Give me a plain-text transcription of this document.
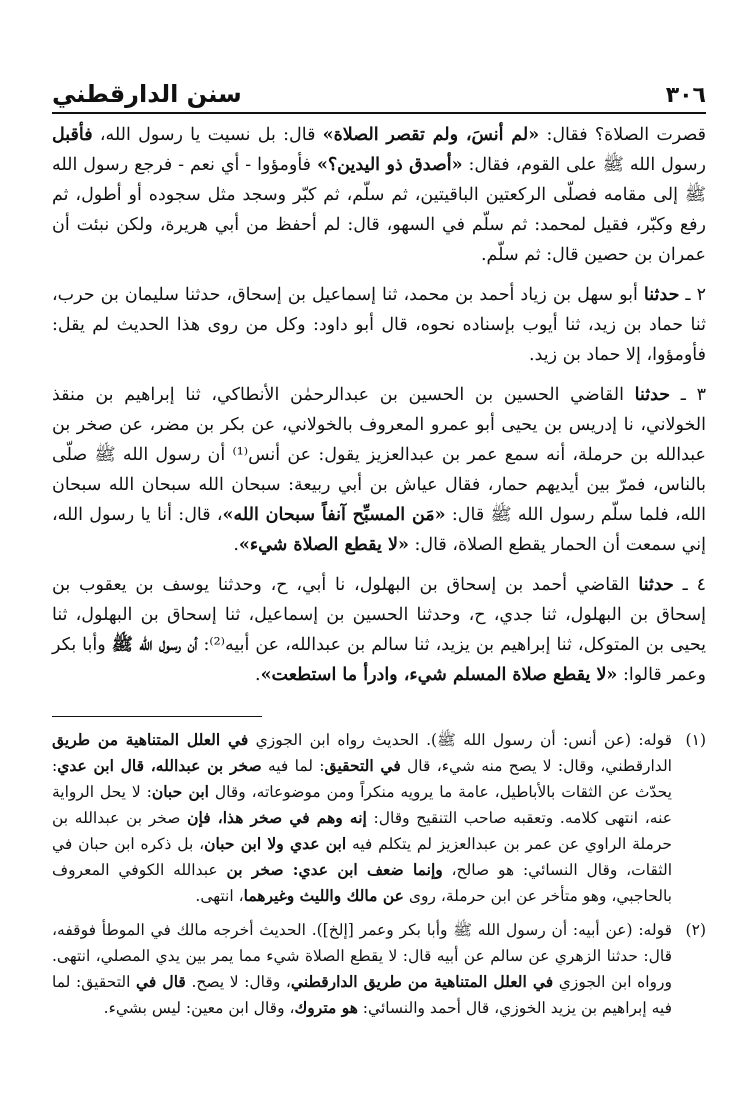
٣٠٦
سنن الدارقطني

قصرت الصلاة؟ فقال: «لم أنسَ، ولم تقصر الصلاة» قال: بل نسيت يا رسول الله، فأقبل رسول الله ﷺ على القوم، فقال: «أصدق ذو اليدين؟» فأومؤوا - أي نعم - فرجع رسول الله ﷺ إلى مقامه فصلّى الركعتين الباقيتين، ثم سلّم، ثم كبّر وسجد مثل سجوده أو أطول، ثم رفع وكبّر، فقيل لمحمد: ثم سلّم في السهو، قال: لم أحفظ من أبي هريرة، ولكن نبئت أن عمران بن حصين قال: ثم سلّم.

٢ ـ حدثنا أبو سهل بن زياد أحمد بن محمد، ثنا إسماعيل بن إسحاق، حدثنا سليمان بن حرب، ثنا حماد بن زيد، ثنا أيوب بإسناده نحوه، قال أبو داود: وكل من روى هذا الحديث لم يقل: فأومؤوا، إلا حماد بن زيد.

٣ ـ حدثنا القاضي الحسين بن الحسين بن عبدالرحمٰن الأنطاكي، ثنا إبراهيم بن منقذ الخولاني، نا إدريس بن يحيى أبو عمرو المعروف بالخولاني، عن بكر بن مضر، عن صخر بن عبدالله بن حرملة، أنه سمع عمر بن عبدالعزيز يقول: عن أنس⁽¹⁾ أن رسول الله ﷺ صلّى بالناس، فمرّ بين أيديهم حمار، فقال عياش بن أبي ربيعة: سبحان الله سبحان الله سبحان الله، فلما سلّم رسول الله ﷺ قال: «مَن المسبِّح آنفاً سبحان الله»، قال: أنا يا رسول الله، إني سمعت أن الحمار يقطع الصلاة، قال: «لا يقطع الصلاة شيء».

٤ ـ حدثنا القاضي أحمد بن إسحاق بن البهلول، نا أبي، ح، وحدثنا يوسف بن يعقوب بن إسحاق بن البهلول، ثنا جدي، ح، وحدثنا الحسين بن إسماعيل، ثنا إسحاق بن البهلول، ثنا يحيى بن المتوكل، ثنا إبراهيم بن يزيد، ثنا سالم بن عبدالله، عن أبيه⁽²⁾: أن رسول الله ﷺ وأبا بكر وعمر قالوا: «لا يقطع صلاة المسلم شيء، وادرأ ما استطعت».

(١)
قوله: (عن أنس: أن رسول الله ﷺ). الحديث رواه ابن الجوزي في العلل المتناهية من طريق الدارقطني، وقال: لا يصح منه شيء، قال في التحقيق: لما فيه صخر بن عبدالله، قال ابن عدي: يحدّث عن الثقات بالأباطيل، عامة ما يرويه منكراً ومن موضوعاته، وقال ابن حبان: لا يحل الرواية عنه، انتهى كلامه. وتعقبه صاحب التنقيح وقال: إنه وهم في صخر هذا، فإن صخر بن عبدالله بن حرملة الراوي عن عمر بن عبدالعزيز لم يتكلم فيه ابن عدي ولا ابن حبان، بل ذكره ابن حبان في الثقات، وقال النسائي: هو صالح، وإنما ضعف ابن عدي: صخر بن عبدالله الكوفي المعروف بالحاجبي، وهو متأخر عن ابن حرملة، روى عن مالك والليث وغيرهما، انتهى.
(٢)
قوله: (عن أبيه: أن رسول الله ﷺ وأبا بكر وعمر [إلخ]). الحديث أخرجه مالك في الموطأ فوقفه، قال: حدثنا الزهري عن سالم عن أبيه قال: لا يقطع الصلاة شيء مما يمر بين يدي المصلي، انتهى. ورواه ابن الجوزي في العلل المتناهية من طريق الدارقطني، وقال: لا يصح. قال في التحقيق: لما فيه إبراهيم بن يزيد الخوزي، قال أحمد والنسائي: هو متروك، وقال ابن معين: ليس بشيء.
